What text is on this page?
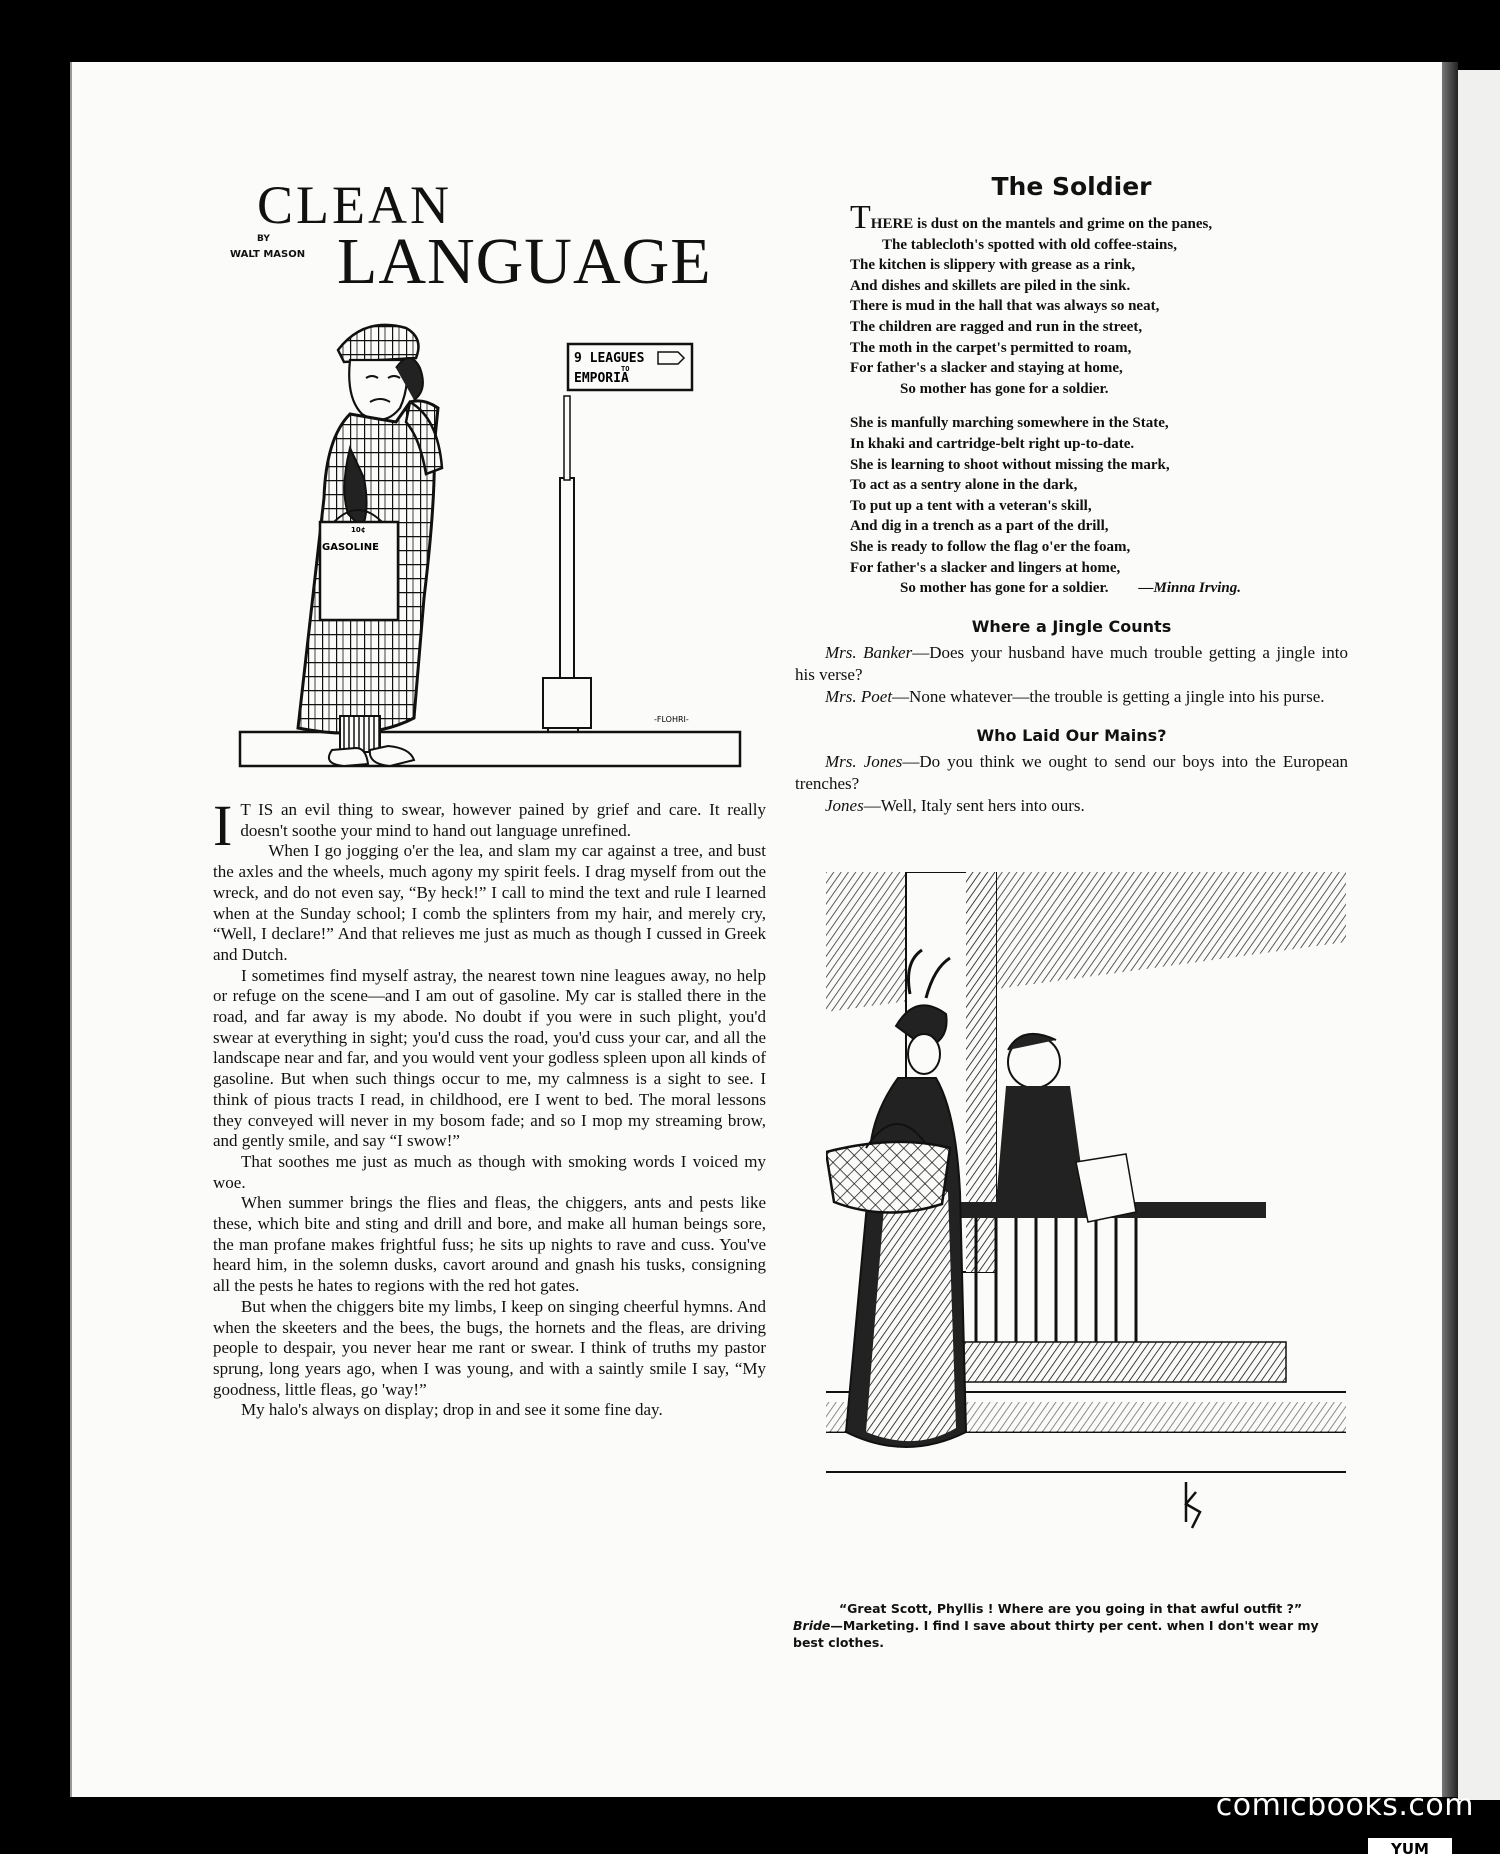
CLEAN
BY
WALT MASON LANGUAGE
9 LEAGUES
TO
EMPORIA
10¢
GASOLINE
-FLOHRI-

I T IS an evil thing to swear, however pained by grief and care. It really doesn't soothe your mind to hand out language unrefined.

When I go jogging o'er the lea, and slam my car against a tree, and bust the axles and the wheels, much agony my spirit feels. I drag myself from out the wreck, and do not even say, “By heck!” I call to mind the text and rule I learned when at the Sunday school; I comb the splinters from my hair, and merely cry, “Well, I declare!” And that relieves me just as much as though I cussed in Greek and Dutch.

I sometimes find myself astray, the nearest town nine leagues away, no help or refuge on the scene—and I am out of gasoline. My car is stalled there in the road, and far away is my abode. No doubt if you were in such plight, you'd swear at everything in sight; you'd cuss the road, you'd cuss your car, and all the landscape near and far, and you would vent your godless spleen upon all kinds of gasoline. But when such things occur to me, my calmness is a sight to see. I think of pious tracts I read, in childhood, ere I went to bed. The moral lessons they conveyed will never in my bosom fade; and so I mop my streaming brow, and gently smile, and say “I swow!”

That soothes me just as much as though with smoking words I voiced my woe.

When summer brings the flies and fleas, the chiggers, ants and pests like these, which bite and sting and drill and bore, and make all human beings sore, the man profane makes frightful fuss; he sits up nights to rave and cuss. You've heard him, in the solemn dusks, cavort around and gnash his tusks, consigning all the pests he hates to regions with the red hot gates.

But when the chiggers bite my limbs, I keep on singing cheerful hymns. And when the skeeters and the bees, the bugs, the hornets and the fleas, are driving people to despair, you never hear me rant or swear. I think of truths my pastor sprung, long years ago, when I was young, and with a saintly smile I say, “My goodness, little fleas, go 'way!”

My halo's always on display; drop in and see it some fine day.

The Soldier
THERE is dust on the mantels and grime on the panes,
The tablecloth's spotted with old coffee-stains,
The kitchen is slippery with grease as a rink,
And dishes and skillets are piled in the sink.
There is mud in the hall that was always so neat,
The children are ragged and run in the street,
The moth in the carpet's permitted to roam,
For father's a slacker and staying at home,
So mother has gone for a soldier.
She is manfully marching somewhere in the State,
In khaki and cartridge-belt right up-to-date.
She is learning to shoot without missing the mark,
To act as a sentry alone in the dark,
To put up a tent with a veteran's skill,
And dig in a trench as a part of the drill,
She is ready to follow the flag o'er the foam,
For father's a slacker and lingers at home,
So mother has gone for a soldier. —Minna Irving.
Where a Jingle Counts

Mrs. Banker—Does your husband have much trouble getting a jingle into his verse?

Mrs. Poet—None whatever—the trouble is getting a jingle into his purse.

Who Laid Our Mains?

Mrs. Jones—Do you think we ought to send our boys into the European trenches?

Jones—Well, Italy sent hers into ours.

“Great Scott, Phyllis ! Where are you going in that awful outfit ?”
Bride—Marketing. I find I save about thirty per cent. when I don't wear my best clothes.
comicbooks.com
YUM
